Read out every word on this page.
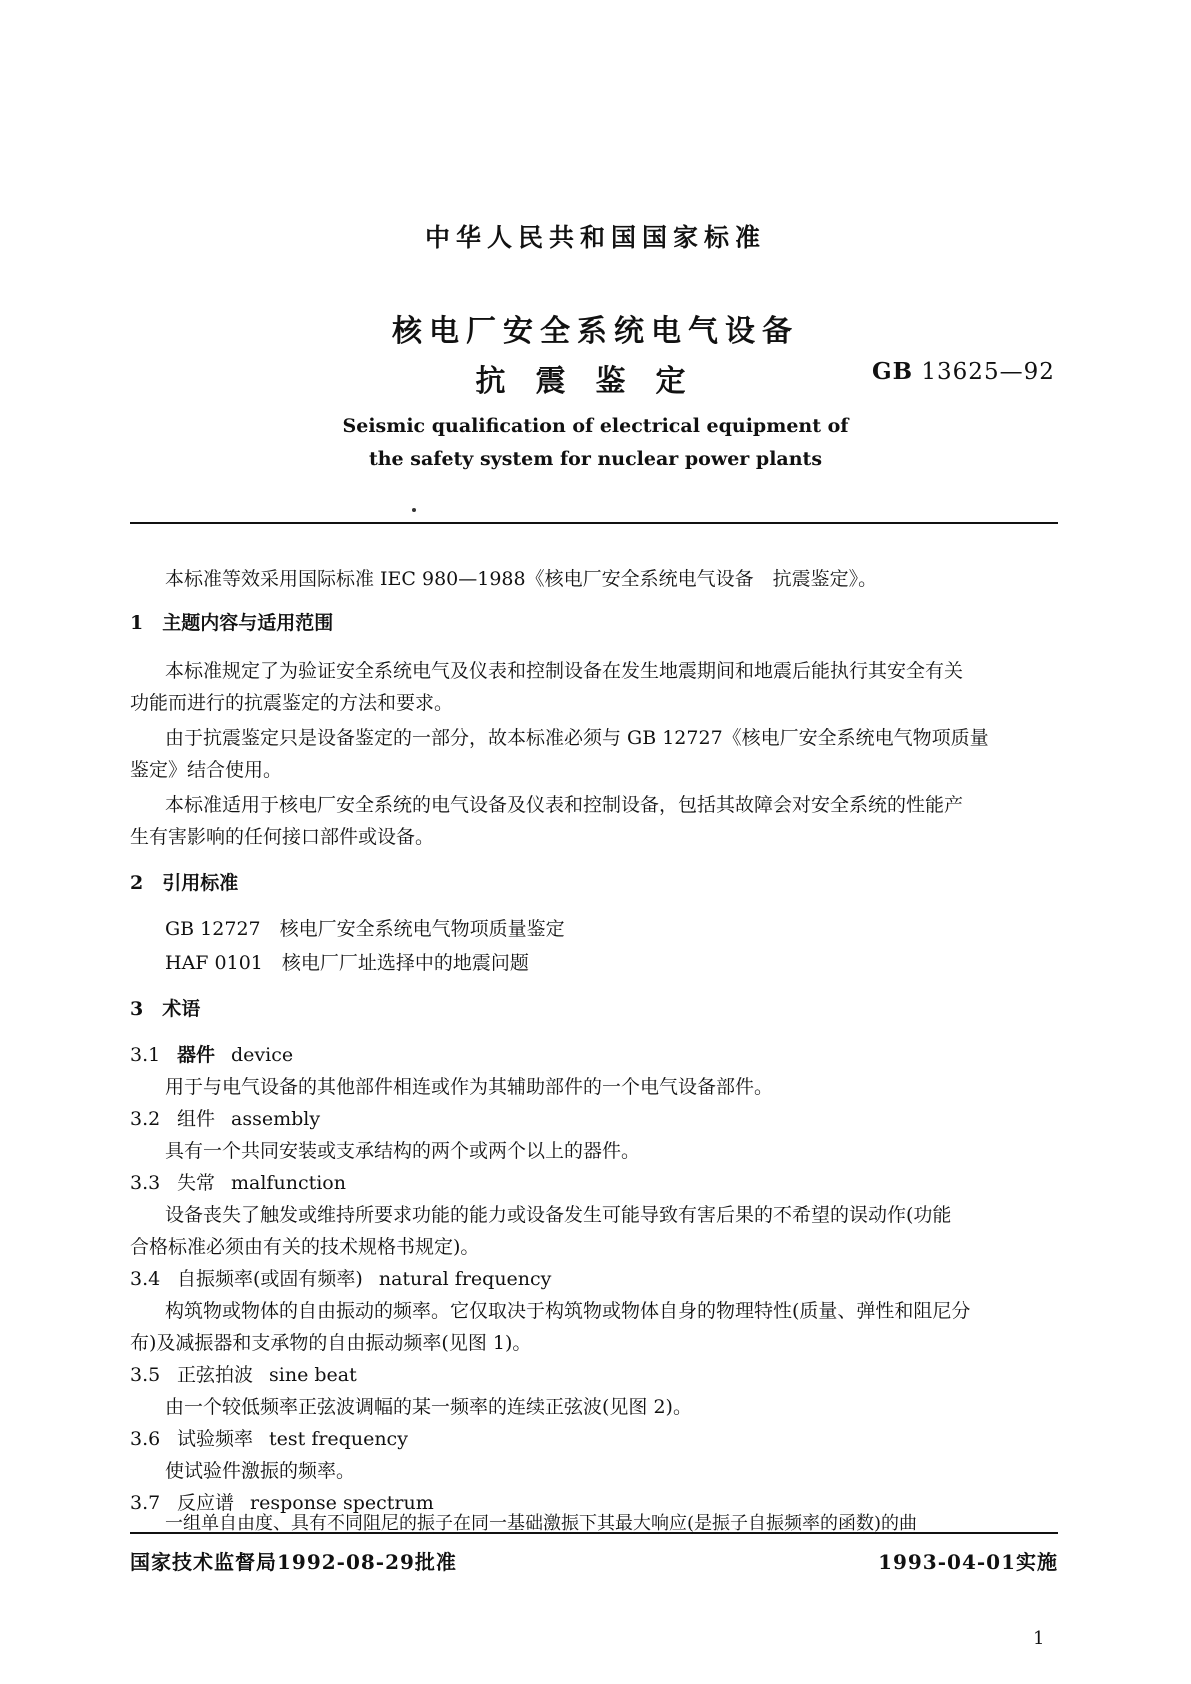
中华人民共和国国家标准
核电厂安全系统电气设备
抗震鉴定	GB 13625—92
Seismic qualification of electrical equipment of
the safety system for nuclear power plants
本标准等效采用国际标准 IEC 980—1988《核电厂安全系统电气设备　抗震鉴定》。
1　 主题内容与适用范围
本标准规定了为验证安全系统电气及仪表和控制设备在发生地震期间和地震后能执行其安全有关
功能而进行的抗震鉴定的方法和要求。
由于抗震鉴定只是设备鉴定的一部分，故本标准必须与 GB 12727《核电厂安全系统电气物项质量
鉴定》结合使用。
本标准适用于核电厂安全系统的电气设备及仪表和控制设备，包括其故障会对安全系统的性能产
生有害影响的任何接口部件或设备。
2　 引用标准
GB 12727　核电厂安全系统电气物项质量鉴定
HAF 0101　核电厂厂址选择中的地震问题
3　 术语
3.1 器件 device
用于与电气设备的其他部件相连或作为其辅助部件的一个电气设备部件。
3.2 组件 assembly
具有一个共同安装或支承结构的两个或两个以上的器件。
3.3 失常 malfunction
设备丧失了触发或维持所要求功能的能力或设备发生可能导致有害后果的不希望的误动作(功能
合格标准必须由有关的技术规格书规定)。
3.4 自振频率(或固有频率) natural frequency
构筑物或物体的自由振动的频率。它仅取决于构筑物或物体自身的物理特性(质量、弹性和阻尼分
布)及减振器和支承物的自由振动频率(见图 1)。
3.5 正弦拍波 sine beat
由一个较低频率正弦波调幅的某一频率的连续正弦波(见图 2)。
3.6 试验频率 test frequency
使试验件激振的频率。
3.7 反应谱 response spectrum
一组单自由度、具有不同阻尼的振子在同一基础激振下其最大响应(是振子自振频率的函数)的曲
国家技术监督局1992-08-29批准	1993-04-01实施
1
